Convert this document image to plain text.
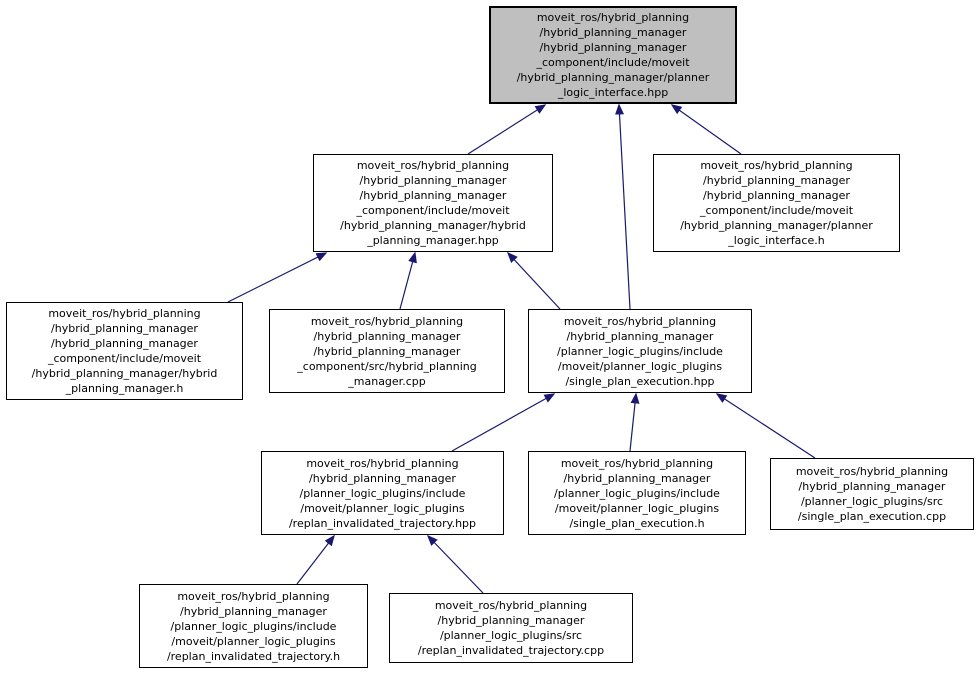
moveit_ros/hybrid_planning
/hybrid_planning_manager
/hybrid_planning_manager
_component/include/moveit
/hybrid_planning_manager/planner
_logic_interface.hpp
moveit_ros/hybrid_planning
/hybrid_planning_manager
/hybrid_planning_manager
_component/include/moveit
/hybrid_planning_manager/hybrid
_planning_manager.hpp
moveit_ros/hybrid_planning
/hybrid_planning_manager
/hybrid_planning_manager
_component/include/moveit
/hybrid_planning_manager/planner
_logic_interface.h
moveit_ros/hybrid_planning
/hybrid_planning_manager
/hybrid_planning_manager
_component/include/moveit
/hybrid_planning_manager/hybrid
_planning_manager.h
moveit_ros/hybrid_planning
/hybrid_planning_manager
/hybrid_planning_manager
_component/src/hybrid_planning
_manager.cpp
moveit_ros/hybrid_planning
/hybrid_planning_manager
/planner_logic_plugins/include
/moveit/planner_logic_plugins
/single_plan_execution.hpp
moveit_ros/hybrid_planning
/hybrid_planning_manager
/planner_logic_plugins/include
/moveit/planner_logic_plugins
/replan_invalidated_trajectory.hpp
moveit_ros/hybrid_planning
/hybrid_planning_manager
/planner_logic_plugins/include
/moveit/planner_logic_plugins
/single_plan_execution.h
moveit_ros/hybrid_planning
/hybrid_planning_manager
/planner_logic_plugins/src
/single_plan_execution.cpp
moveit_ros/hybrid_planning
/hybrid_planning_manager
/planner_logic_plugins/include
/moveit/planner_logic_plugins
/replan_invalidated_trajectory.h
moveit_ros/hybrid_planning
/hybrid_planning_manager
/planner_logic_plugins/src
/replan_invalidated_trajectory.cpp
